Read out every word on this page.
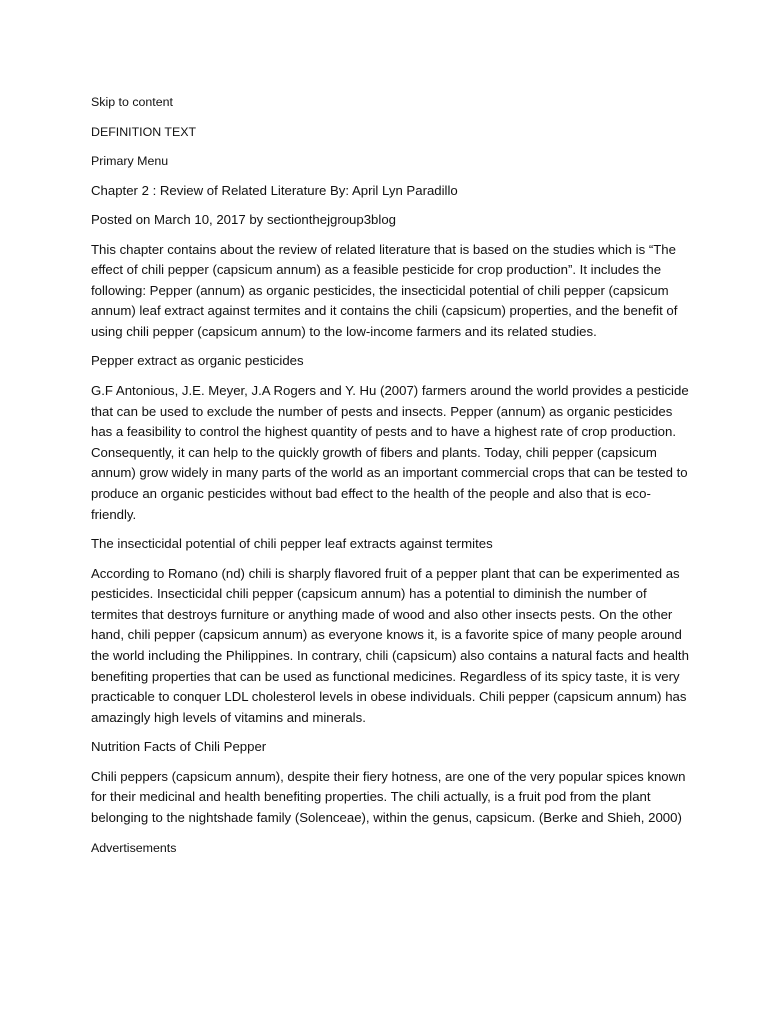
Skip to content
DEFINITION TEXT
Primary Menu
Chapter 2 : Review of Related Literature By: April Lyn Paradillo
Posted on March 10, 2017 by sectionthejgroup3blog

This chapter contains about the review of related literature that is based on the studies which is “The effect of chili pepper (capsicum annum) as a feasible pesticide for crop production”. It includes the following: Pepper (annum) as organic pesticides, the insecticidal potential of chili pepper (capsicum annum) leaf extract against termites and it contains the chili (capsicum) properties, and the benefit of using chili pepper (capsicum annum) to the low-income farmers and its related studies.

Pepper extract as organic pesticides

G.F Antonious, J.E. Meyer, J.A Rogers and Y. Hu (2007) farmers around the world provides a pesticide that can be used to exclude the number of pests and insects. Pepper (annum) as organic pesticides has a feasibility to control the highest quantity of pests and to have a highest rate of crop production. Consequently, it can help to the quickly growth of fibers and plants. Today, chili pepper (capsicum annum) grow widely in many parts of the world as an important commercial crops that can be tested to produce an organic pesticides without bad effect to the health of the people and also that is eco-friendly.

The insecticidal potential of chili pepper leaf extracts against termites

According to Romano (nd) chili is sharply flavored fruit of a pepper plant that can be experimented as pesticides. Insecticidal chili pepper (capsicum annum) has a potential to diminish the number of termites that destroys furniture or anything made of wood and also other insects pests. On the other hand, chili pepper (capsicum annum) as everyone knows it, is a favorite spice of many people around the world including the Philippines. In contrary, chili (capsicum) also contains a natural facts and health benefiting properties that can be used as functional medicines. Regardless of its spicy taste, it is very practicable to conquer LDL cholesterol levels in obese individuals. Chili pepper (capsicum annum) has amazingly high levels of vitamins and minerals.

Nutrition Facts of Chili Pepper

Chili peppers (capsicum annum), despite their fiery hotness, are one of the very popular spices known for their medicinal and health benefiting properties. The chili actually, is a fruit pod from the plant belonging to the nightshade family (Solenceae), within the genus, capsicum. (Berke and Shieh, 2000)

Advertisements
